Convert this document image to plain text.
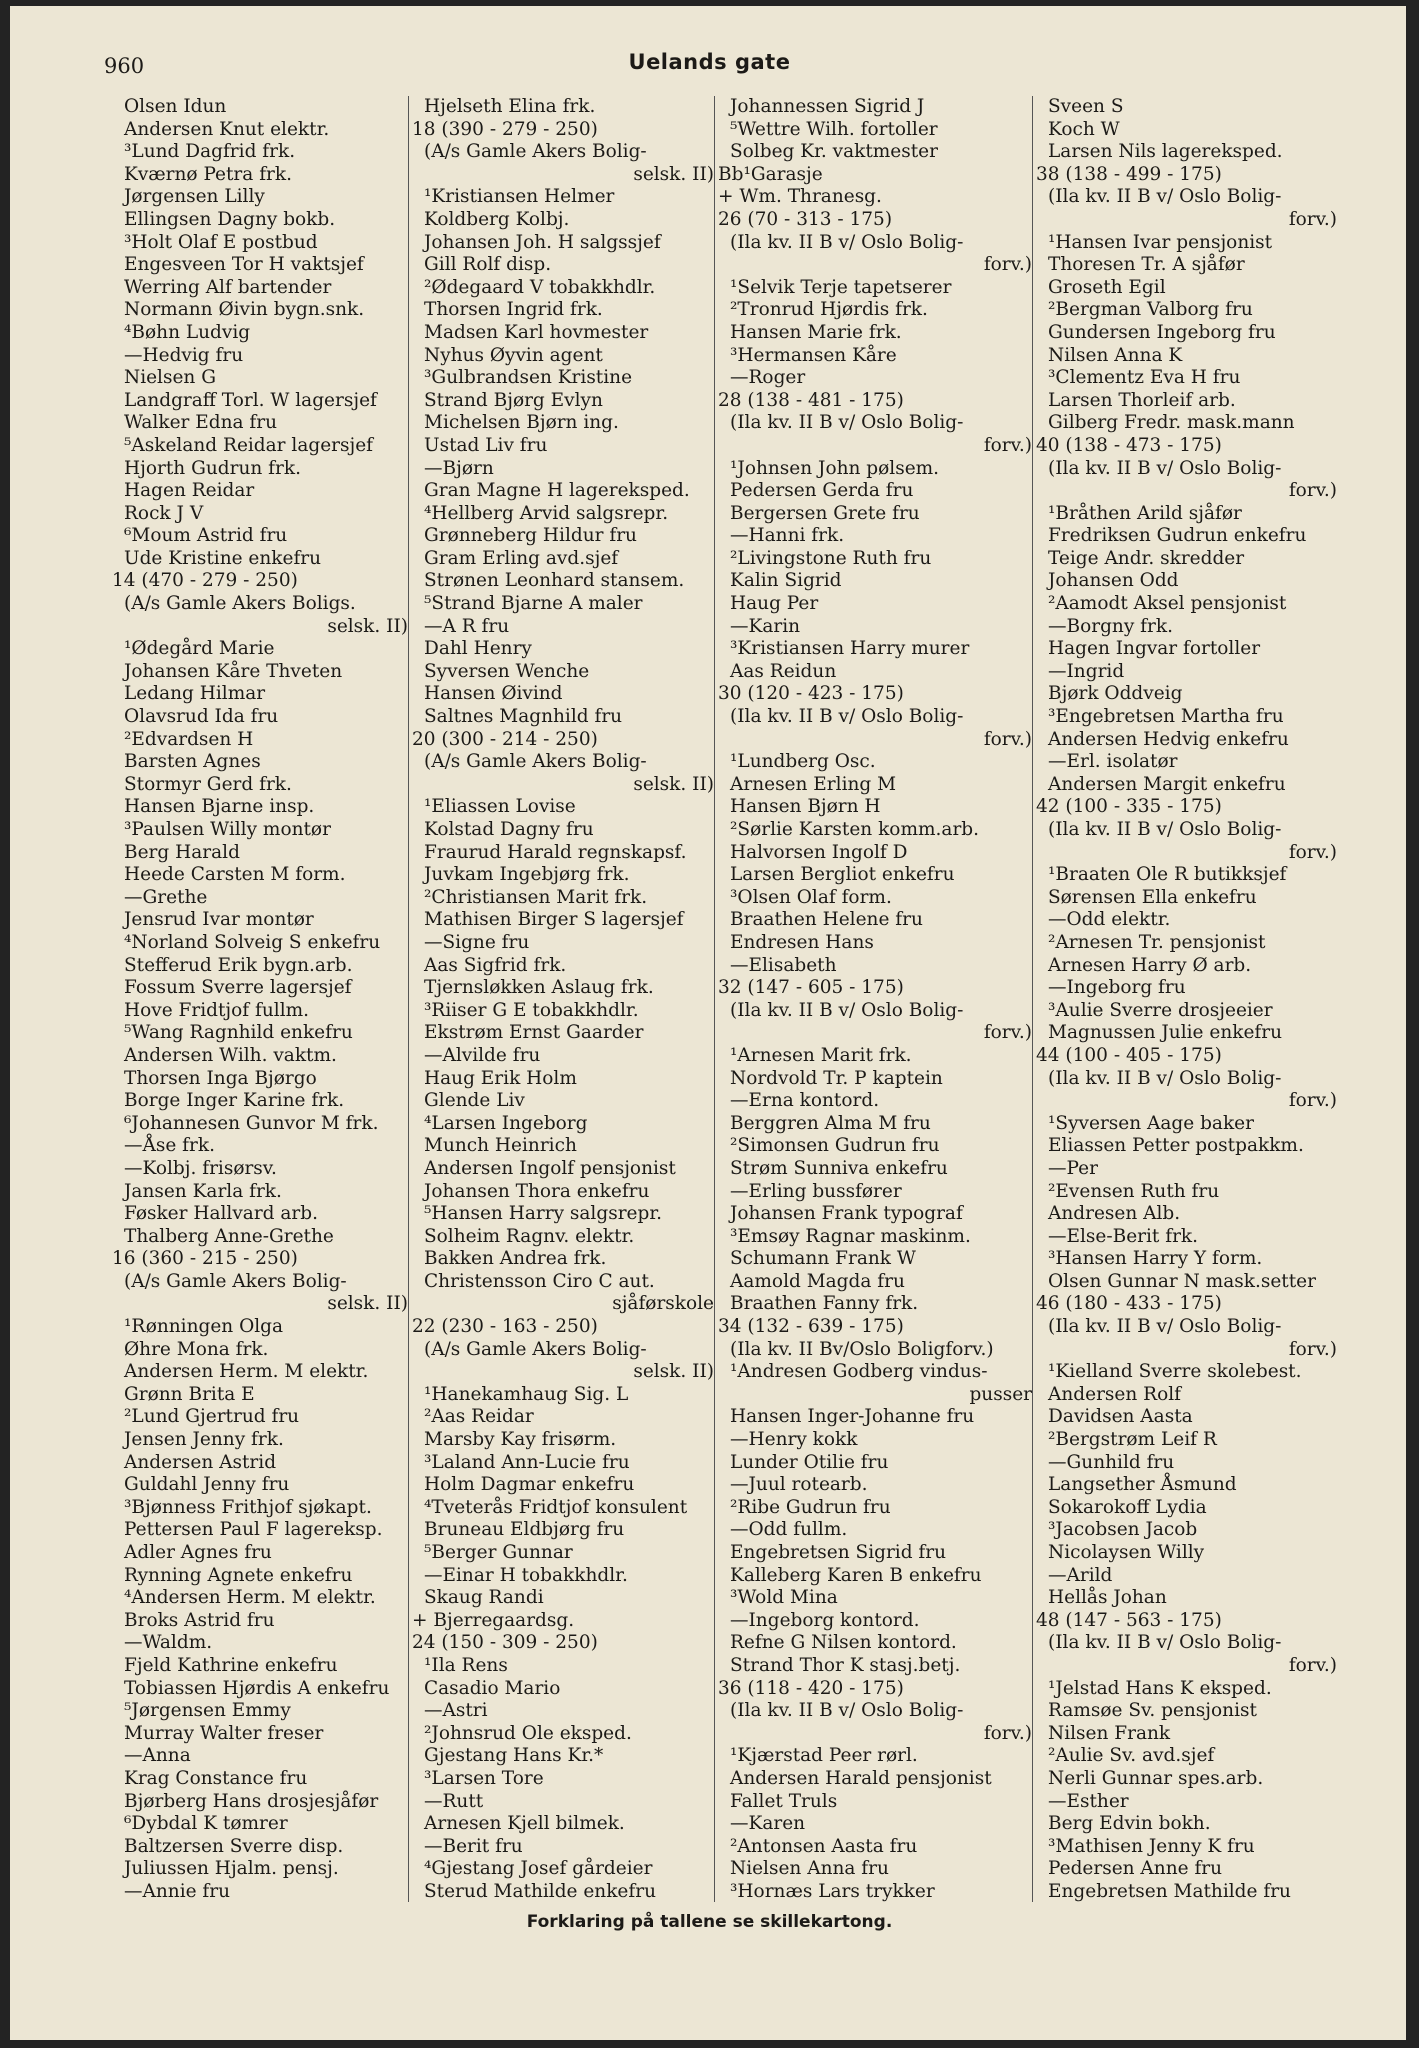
960	Uelands gate
Olsen Idun
Andersen Knut elektr.
³Lund Dagfrid frk.
Kværnø Petra frk.
Jørgensen Lilly
Ellingsen Dagny bokb.
³Holt Olaf E postbud
Engesveen Tor H vaktsjef
Werring Alf bartender
Normann Øivin bygn.snk.
⁴Bøhn Ludvig
—Hedvig fru
Nielsen G
Landgraff Torl. W lagersjef
Walker Edna fru
⁵Askeland Reidar lagersjef
Hjorth Gudrun frk.
Hagen Reidar
Rock J V
⁶Moum Astrid fru
Ude Kristine enkefru
14 (470 - 279 - 250)
(A/s Gamle Akers Boligs.
selsk. II)
¹Ødegård Marie
Johansen Kåre Thveten
Ledang Hilmar
Olavsrud Ida fru
²Edvardsen H
Barsten Agnes
Stormyr Gerd frk.
Hansen Bjarne insp.
³Paulsen Willy montør
Berg Harald
Heede Carsten M form.
—Grethe
Jensrud Ivar montør
⁴Norland Solveig S enkefru
Stefferud Erik bygn.arb.
Fossum Sverre lagersjef
Hove Fridtjof fullm.
⁵Wang Ragnhild enkefru
Andersen Wilh. vaktm.
Thorsen Inga Bjørgo
Borge Inger Karine frk.
⁶Johannesen Gunvor M frk.
—Åse frk.
—Kolbj. frisørsv.
Jansen Karla frk.
Føsker Hallvard arb.
Thalberg Anne-Grethe
16 (360 - 215 - 250)
(A/s Gamle Akers Bolig-
selsk. II)
¹Rønningen Olga
Øhre Mona frk.
Andersen Herm. M elektr.
Grønn Brita E
²Lund Gjertrud fru
Jensen Jenny frk.
Andersen Astrid
Guldahl Jenny fru
³Bjønness Frithjof sjøkapt.
Pettersen Paul F lagereksp.
Adler Agnes fru
Rynning Agnete enkefru
⁴Andersen Herm. M elektr.
Broks Astrid fru
—Waldm.
Fjeld Kathrine enkefru
Tobiassen Hjørdis A enkefru
⁵Jørgensen Emmy
Murray Walter freser
—Anna
Krag Constance fru
Bjørberg Hans drosjesjåfør
⁶Dybdal K tømrer
Baltzersen Sverre disp.
Juliussen Hjalm. pensj.
—Annie fru
Hjelseth Elina frk.
18 (390 - 279 - 250)
(A/s Gamle Akers Bolig-
selsk. II)
¹Kristiansen Helmer
Koldberg Kolbj.
Johansen Joh. H salgssjef
Gill Rolf disp.
²Ødegaard V tobakkhdlr.
Thorsen Ingrid frk.
Madsen Karl hovmester
Nyhus Øyvin agent
³Gulbrandsen Kristine
Strand Bjørg Evlyn
Michelsen Bjørn ing.
Ustad Liv fru
—Bjørn
Gran Magne H lagereksped.
⁴Hellberg Arvid salgsrepr.
Grønneberg Hildur fru
Gram Erling avd.sjef
Strønen Leonhard stansem.
⁵Strand Bjarne A maler
—A R fru
Dahl Henry
Syversen Wenche
Hansen Øivind
Saltnes Magnhild fru
20 (300 - 214 - 250)
(A/s Gamle Akers Bolig-
selsk. II)
¹Eliassen Lovise
Kolstad Dagny fru
Fraurud Harald regnskapsf.
Juvkam Ingebjørg frk.
²Christiansen Marit frk.
Mathisen Birger S lagersjef
—Signe fru
Aas Sigfrid frk.
Tjernsløkken Aslaug frk.
³Riiser G E tobakkhdlr.
Ekstrøm Ernst Gaarder
—Alvilde fru
Haug Erik Holm
Glende Liv
⁴Larsen Ingeborg
Munch Heinrich
Andersen Ingolf pensjonist
Johansen Thora enkefru
⁵Hansen Harry salgsrepr.
Solheim Ragnv. elektr.
Bakken Andrea frk.
Christensson Ciro C aut.
sjåførskole
22 (230 - 163 - 250)
(A/s Gamle Akers Bolig-
selsk. II)
¹Hanekamhaug Sig. L
²Aas Reidar
Marsby Kay frisørm.
³Laland Ann-Lucie fru
Holm Dagmar enkefru
⁴Tveterås Fridtjof konsulent
Bruneau Eldbjørg fru
⁵Berger Gunnar
—Einar H tobakkhdlr.
Skaug Randi
+ Bjerregaardsg.
24 (150 - 309 - 250)
¹Ila Rens
Casadio Mario
—Astri
²Johnsrud Ole eksped.
Gjestang Hans Kr.*
³Larsen Tore
—Rutt
Arnesen Kjell bilmek.
—Berit fru
⁴Gjestang Josef gårdeier
Sterud Mathilde enkefru
Johannessen Sigrid J
⁵Wettre Wilh. fortoller
Solbeg Kr. vaktmester
Bb¹Garasje
+ Wm. Thranesg.
26 (70 - 313 - 175)
(Ila kv. II B v/ Oslo Bolig-
forv.)
¹Selvik Terje tapetserer
²Tronrud Hjørdis frk.
Hansen Marie frk.
³Hermansen Kåre
—Roger
28 (138 - 481 - 175)
(Ila kv. II B v/ Oslo Bolig-
forv.)
¹Johnsen John pølsem.
Pedersen Gerda fru
Bergersen Grete fru
—Hanni frk.
²Livingstone Ruth fru
Kalin Sigrid
Haug Per
—Karin
³Kristiansen Harry murer
Aas Reidun
30 (120 - 423 - 175)
(Ila kv. II B v/ Oslo Bolig-
forv.)
¹Lundberg Osc.
Arnesen Erling M
Hansen Bjørn H
²Sørlie Karsten komm.arb.
Halvorsen Ingolf D
Larsen Bergliot enkefru
³Olsen Olaf form.
Braathen Helene fru
Endresen Hans
—Elisabeth
32 (147 - 605 - 175)
(Ila kv. II B v/ Oslo Bolig-
forv.)
¹Arnesen Marit frk.
Nordvold Tr. P kaptein
—Erna kontord.
Berggren Alma M fru
²Simonsen Gudrun fru
Strøm Sunniva enkefru
—Erling bussfører
Johansen Frank typograf
³Emsøy Ragnar maskinm.
Schumann Frank W
Aamold Magda fru
Braathen Fanny frk.
34 (132 - 639 - 175)
(Ila kv. II Bv/Oslo Boligforv.)
¹Andresen Godberg vindus-
pusser
Hansen Inger-Johanne fru
—Henry kokk
Lunder Otilie fru
—Juul rotearb.
²Ribe Gudrun fru
—Odd fullm.
Engebretsen Sigrid fru
Kalleberg Karen B enkefru
³Wold Mina
—Ingeborg kontord.
Refne G Nilsen kontord.
Strand Thor K stasj.betj.
36 (118 - 420 - 175)
(Ila kv. II B v/ Oslo Bolig-
forv.)
¹Kjærstad Peer rørl.
Andersen Harald pensjonist
Fallet Truls
—Karen
²Antonsen Aasta fru
Nielsen Anna fru
³Hornæs Lars trykker
Sveen S
Koch W
Larsen Nils lagereksped.
38 (138 - 499 - 175)
(Ila kv. II B v/ Oslo Bolig-
forv.)
¹Hansen Ivar pensjonist
Thoresen Tr. A sjåfør
Groseth Egil
²Bergman Valborg fru
Gundersen Ingeborg fru
Nilsen Anna K
³Clementz Eva H fru
Larsen Thorleif arb.
Gilberg Fredr. mask.mann
40 (138 - 473 - 175)
(Ila kv. II B v/ Oslo Bolig-
forv.)
¹Bråthen Arild sjåfør
Fredriksen Gudrun enkefru
Teige Andr. skredder
Johansen Odd
²Aamodt Aksel pensjonist
—Borgny frk.
Hagen Ingvar fortoller
—Ingrid
Bjørk Oddveig
³Engebretsen Martha fru
Andersen Hedvig enkefru
—Erl. isolatør
Andersen Margit enkefru
42 (100 - 335 - 175)
(Ila kv. II B v/ Oslo Bolig-
forv.)
¹Braaten Ole R butikksjef
Sørensen Ella enkefru
—Odd elektr.
²Arnesen Tr. pensjonist
Arnesen Harry Ø arb.
—Ingeborg fru
³Aulie Sverre drosjeeier
Magnussen Julie enkefru
44 (100 - 405 - 175)
(Ila kv. II B v/ Oslo Bolig-
forv.)
¹Syversen Aage baker
Eliassen Petter postpakkm.
—Per
²Evensen Ruth fru
Andresen Alb.
—Else-Berit frk.
³Hansen Harry Y form.
Olsen Gunnar N mask.setter
46 (180 - 433 - 175)
(Ila kv. II B v/ Oslo Bolig-
forv.)
¹Kielland Sverre skolebest.
Andersen Rolf
Davidsen Aasta
²Bergstrøm Leif R
—Gunhild fru
Langsether Åsmund
Sokarokoff Lydia
³Jacobsen Jacob
Nicolaysen Willy
—Arild
Hellås Johan
48 (147 - 563 - 175)
(Ila kv. II B v/ Oslo Bolig-
forv.)
¹Jelstad Hans K eksped.
Ramsøe Sv. pensjonist
Nilsen Frank
²Aulie Sv. avd.sjef
Nerli Gunnar spes.arb.
—Esther
Berg Edvin bokh.
³Mathisen Jenny K fru
Pedersen Anne fru
Engebretsen Mathilde fru
Forklaring på tallene se skillekartong.
